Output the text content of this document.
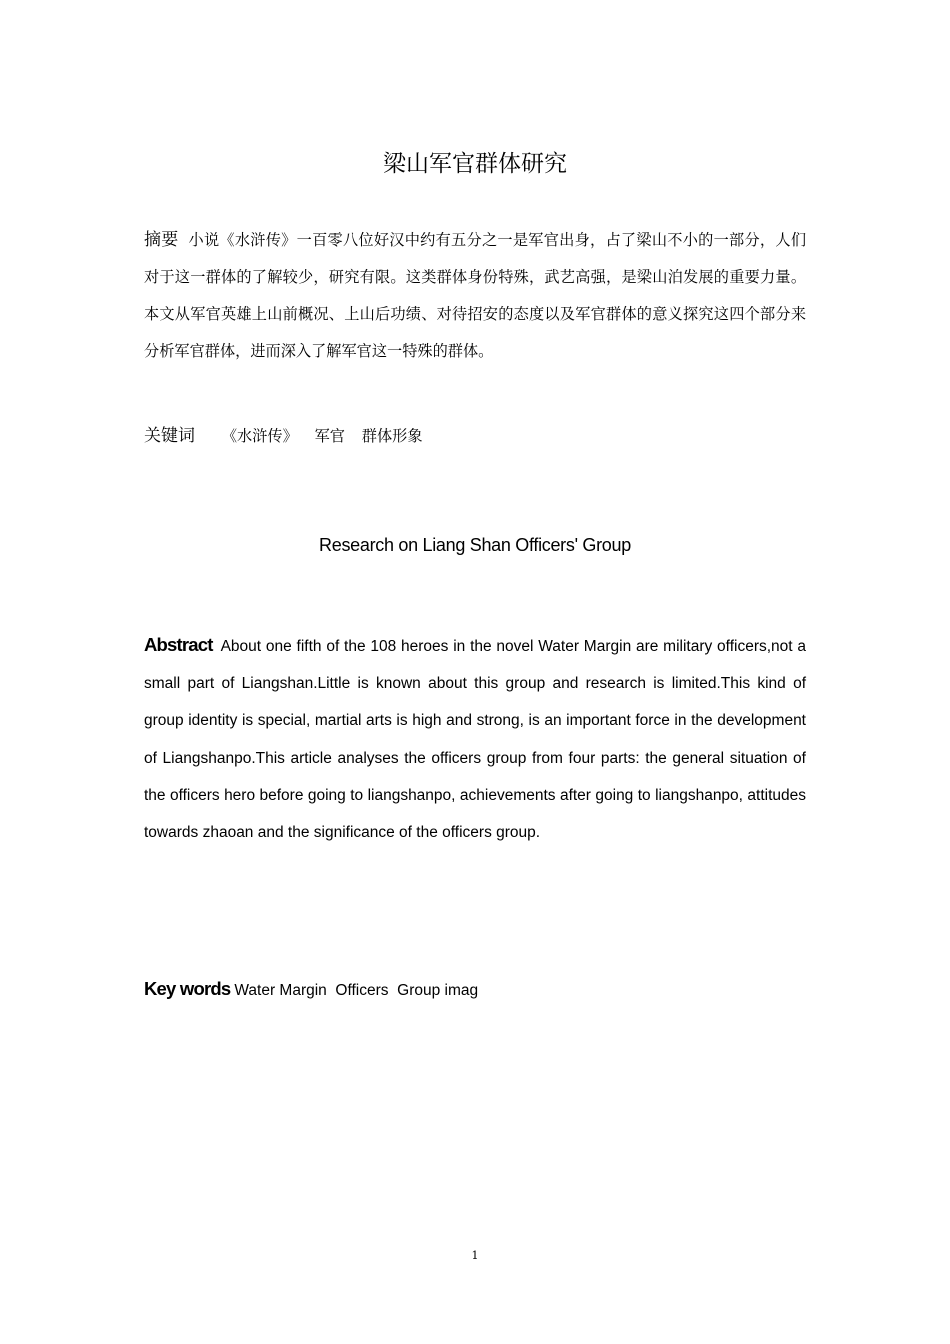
梁山军官群体研究
摘要 小说《水浒传》一百零八位好汉中约有五分之一是军官出身，占了梁山不小的一部分，人们对于这一群体的了解较少，研究有限。这类群体身份特殊，武艺高强，是梁山泊发展的重要力量。本文从军官英雄上山前概况、上山后功绩、对待招安的态度以及军官群体的意义探究这四个部分来分析军官群体，进而深入了解军官这一特殊的群体。
关键词 《水浒传》 军官 群体形象
Research on Liang Shan Officers' Group
Abstract About one fifth of the 108 heroes in the novel Water Margin are military officers,not a small part of Liangshan.Little is known about this group and research is limited.This kind of group identity is special, martial arts is high and strong, is an important force in the development of Liangshanpo.This article analyses the officers group from four parts: the general situation of the officers hero before going to liangshanpo, achievements after going to liangshanpo, attitudes towards zhaoan and the significance of the officers group.
Key words Water Margin  Officers  Group imag
1
